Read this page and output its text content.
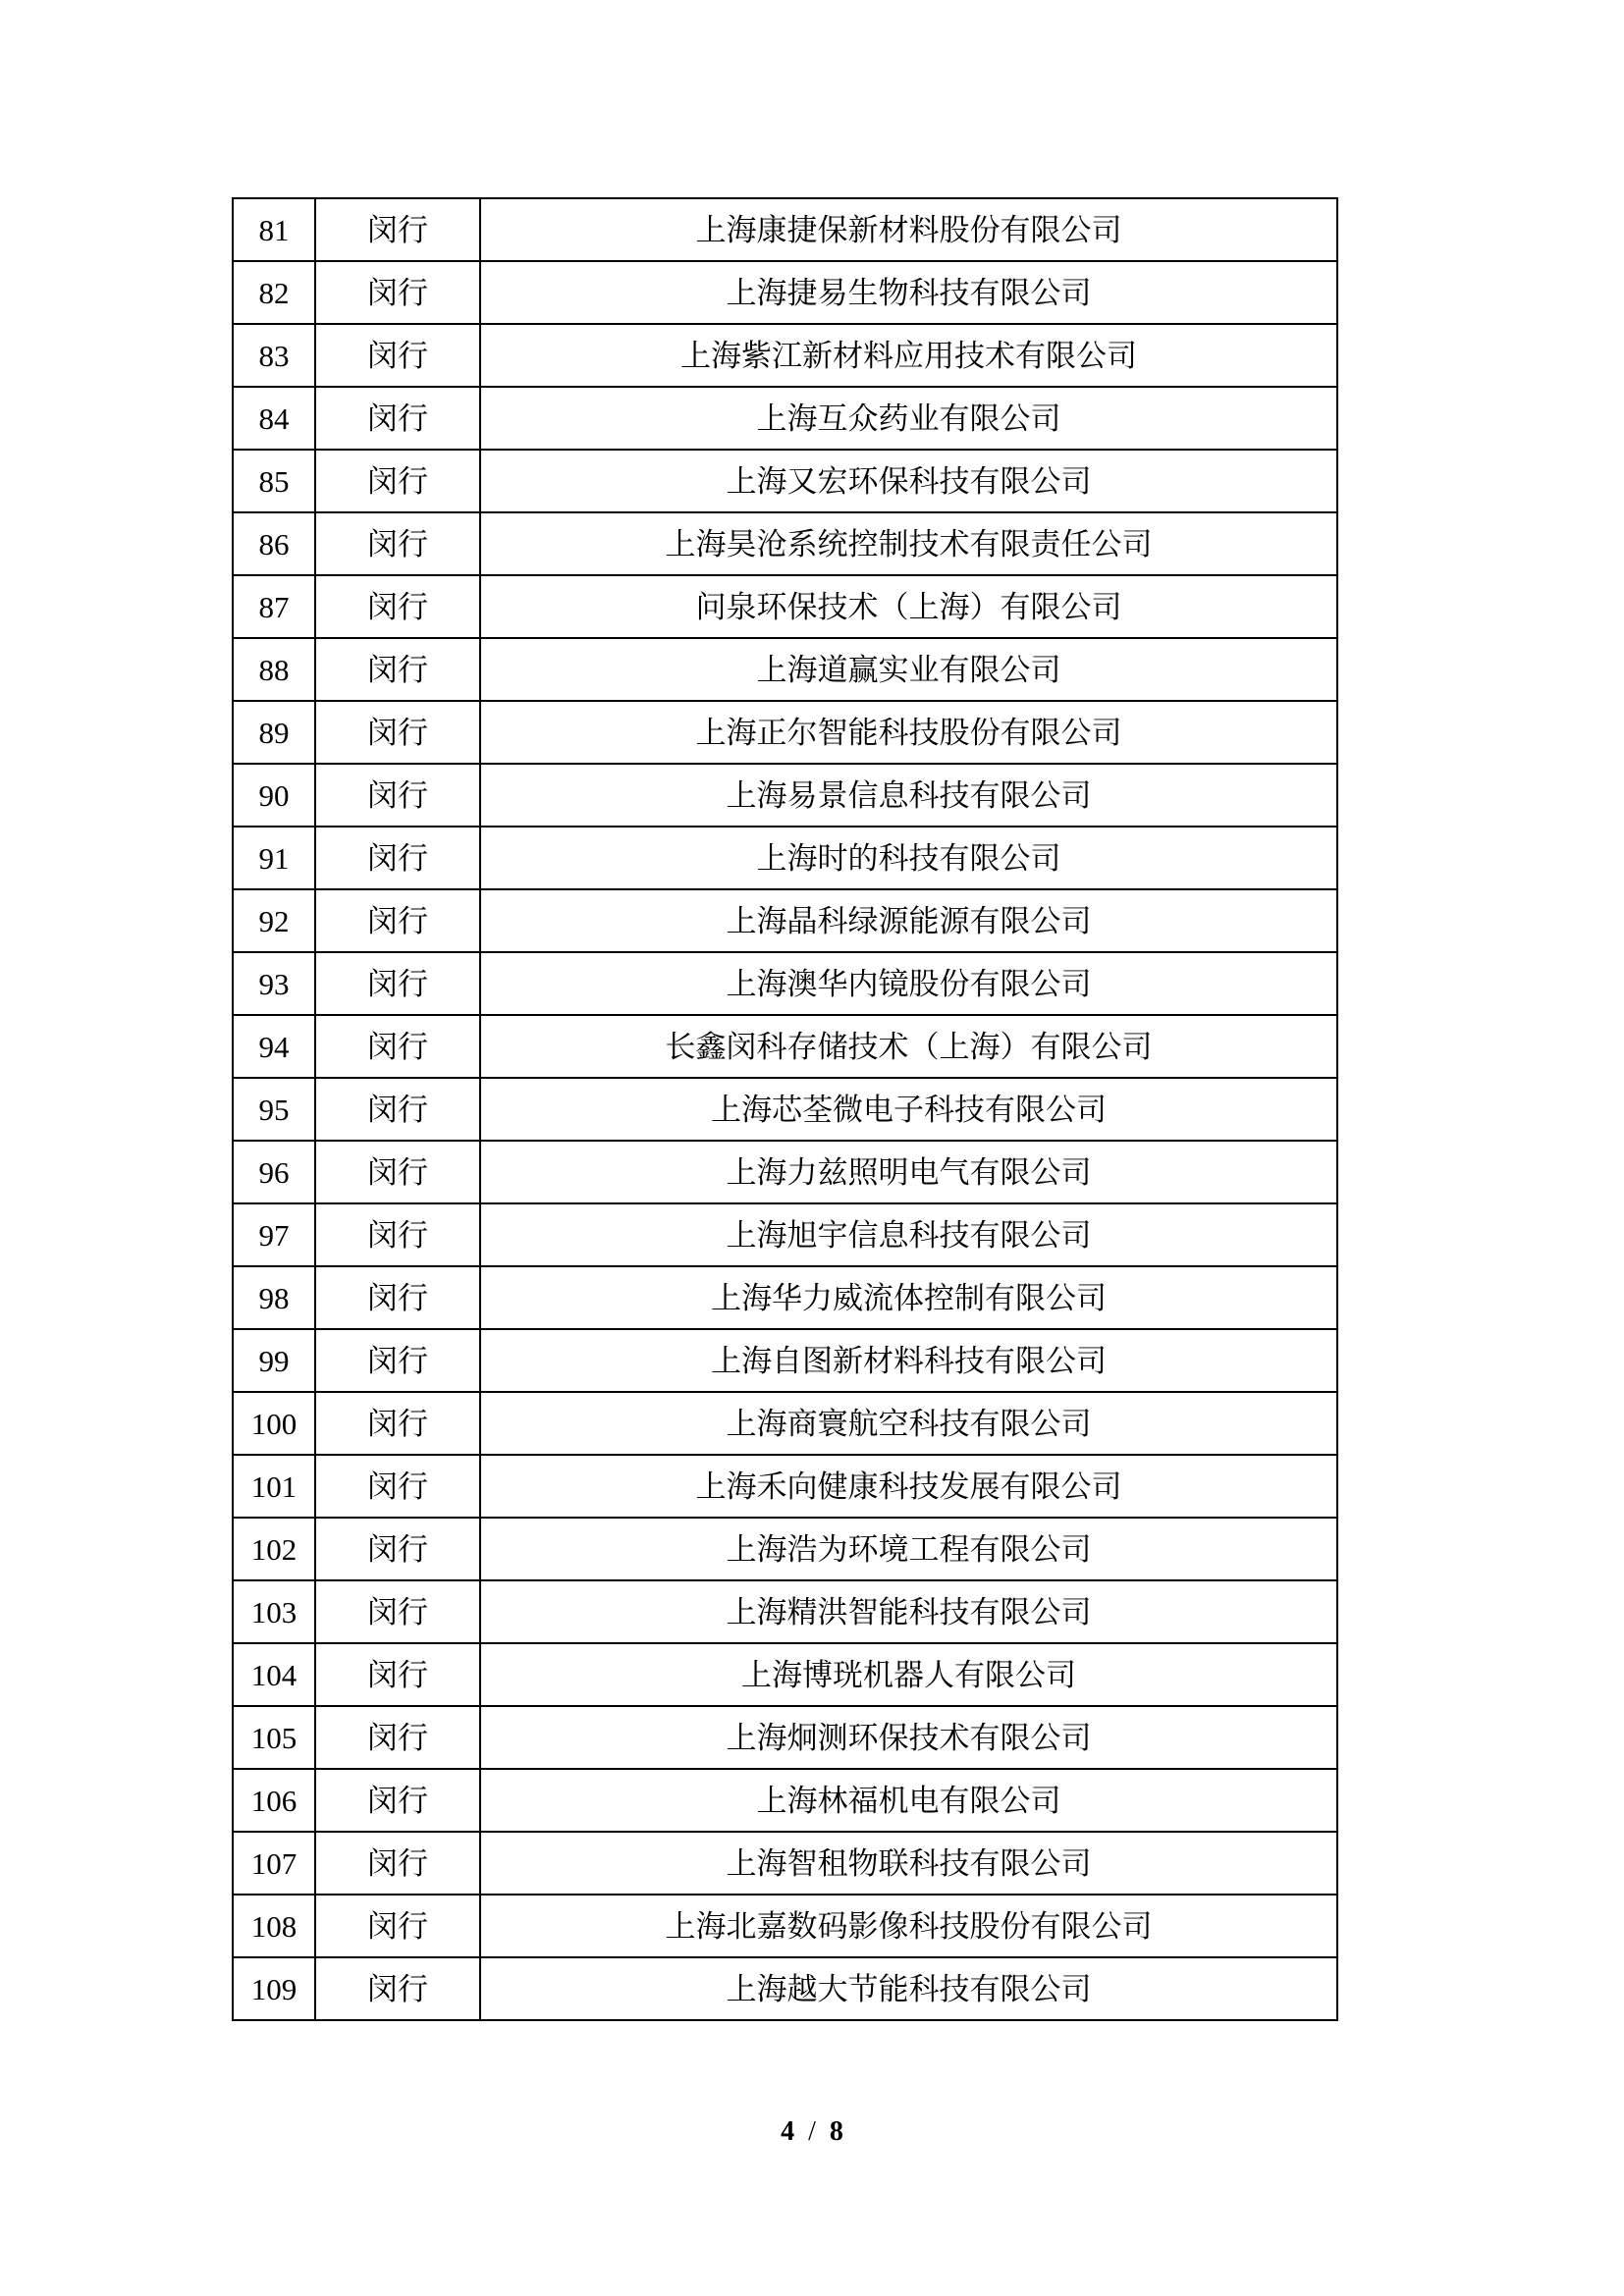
81	闵行	上海康捷保新材料股份有限公司
82	闵行	上海捷易生物科技有限公司
83	闵行	上海紫江新材料应用技术有限公司
84	闵行	上海互众药业有限公司
85	闵行	上海又宏环保科技有限公司
86	闵行	上海昊沧系统控制技术有限责任公司
87	闵行	问泉环保技术（上海）有限公司
88	闵行	上海道赢实业有限公司
89	闵行	上海正尔智能科技股份有限公司
90	闵行	上海易景信息科技有限公司
91	闵行	上海时的科技有限公司
92	闵行	上海晶科绿源能源有限公司
93	闵行	上海澳华内镜股份有限公司
94	闵行	长鑫闵科存储技术（上海）有限公司
95	闵行	上海芯荃微电子科技有限公司
96	闵行	上海力兹照明电气有限公司
97	闵行	上海旭宇信息科技有限公司
98	闵行	上海华力威流体控制有限公司
99	闵行	上海自图新材料科技有限公司
100	闵行	上海商寰航空科技有限公司
101	闵行	上海禾向健康科技发展有限公司
102	闵行	上海浩为环境工程有限公司
103	闵行	上海精洪智能科技有限公司
104	闵行	上海博珖机器人有限公司
105	闵行	上海炯测环保技术有限公司
106	闵行	上海林福机电有限公司
107	闵行	上海智租物联科技有限公司
108	闵行	上海北嘉数码影像科技股份有限公司
109	闵行	上海越大节能科技有限公司
4 / 8
